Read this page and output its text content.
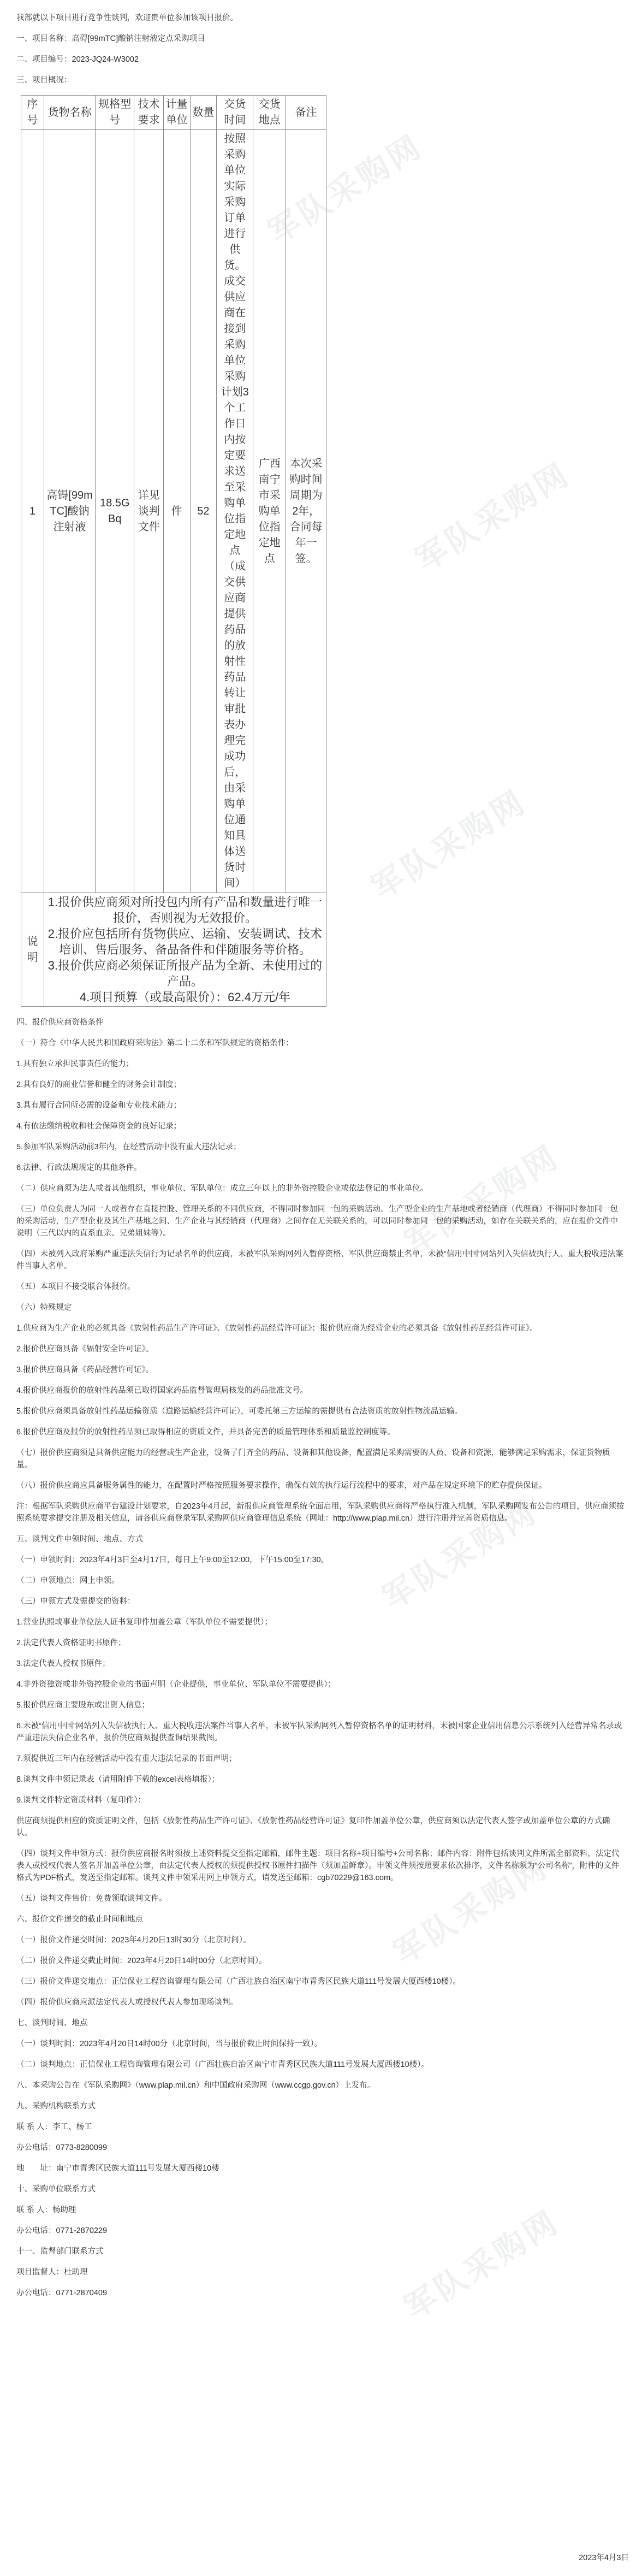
军队采购网
军队采购网
军队采购网
军队采购网
军队采购网
军队采购网
军队采购网

我部就以下项目进行竞争性谈判，欢迎贵单位参加该项目报价。

一、项目名称：高碍[99mTC]酸钠注射液定点采购项目

二、项目编号：2023-JQ24-W3002

三、项目概况：

序号	货物名称	规格型号	技术要求	计量单位	数量	交货时间	交货地点	备注
1	高锝[99mTC]酸钠注射液	18.5GBq	详见谈判文件	件	52	按照采购单位实际采购订单进行供货。成交供应商在接到采购单位采购计划3个工作日内按定要求送至采购单位指定地点（成交供应商提供药品的放射性药品转让审批表办理完成功后，由采购单位通知具体送货时间）	广西南宁市采购单位指定地点	本次采购时间周期为2年，合同每年一签。
说明	1.报价供应商须对所投包内所有产品和数量进行唯一报价，否则视为无效报价。
2.报价应包括所有货物供应、运输、安装调试、技术培训、售后服务、备品备件和伴随服务等价格。
3.报价供应商必须保证所报产品为全新、未使用过的产品。
4.项目预算（或最高限价）：62.4万元/年							

四、报价供应商资格条件

（一）符合《中华人民共和国政府采购法》第二十二条和军队规定的资格条件：

1.具有独立承担民事责任的能力；

2.具有良好的商业信誉和健全的财务会计制度；

3.具有履行合同所必需的设备和专业技术能力；

4.有依法缴纳税收和社会保障资金的良好记录；

5.参加军队采购活动前3年内，在经营活动中没有重大违法记录；

6.法律、行政法规规定的其他条件。

（二）供应商须为法人或者其他组织，事业单位、军队单位：成立三年以上的非外资控股企业或依法登记的事业单位。

（三）单位负责人为同一人或者存在直接控股、管理关系的不同供应商，不得同时参加同一包的采购活动。生产型企业的生产基地或者经销商（代理商）不得同时参加同一包的采购活动，生产型企业及其生产基地之间、生产企业与其经销商（代理商）之间存在无关联关系的，可以同时参加同一包的采购活动，如存在关联关系的，应在报价文件中说明（三代以内的直系血亲、兄弟姐妹等）。

（四）未被列入政府采购严重违法失信行为记录名单的供应商，未被军队采购网列入暂停资格、军队供应商禁止名单，未被“信用中国”网站列入失信被执行人、重大税收违法案件当事人名单。

（五）本项目不接受联合体报价。

（六）特殊规定

1.供应商为生产企业的必须具备《放射性药品生产许可证》、《放射性药品经营许可证》；报价供应商为经营企业的必须具备《放射性药品经营许可证》。

2.报价供应商具备《辐射安全许可证》。

3.报价供应商具备《药品经营许可证》。

4.报价供应商报价的放射性药品须已取得国家药品监督管理局核发的药品批准文号。

5.报价供应商须具备放射性药品运输资质（道路运输经营许可证），可委托第三方运输的需提供有合法资质的放射性物流品运输。

6.报价供应商及报价的放射性药品须已取得相应的资质文件，并具备完善的质量管理体系和质量监控制度等。

（七）报价供应商须是具备供应能力的经营或生产企业，设备了门齐全的药品、设备和其他设备，配置满足采购需要的人员、设备和资源，能够满足采购需求，保证货物质量。

（八）报价供应商应具备服务属性的能力，在配置时严格按照服务要求操作，确保有效的执行运行流程中的要求，对产品在规定环境下的贮存提供保证。

注：根据军队采购供应商平台建设计划要求，自2023年4月起，新报供应商管理系统全面启用，军队采购供应商将严格执行准入机制，军队采购网发布公告的项目，供应商须按照系统要求提交注册及相关信息，请各供应商登录军队采购网供应商管理信息系统（网址：http://www.plap.mil.cn）进行注册并完善资质信息。

五、谈判文件申领时间、地点、方式

（一）申领时间：2023年4月3日至4月17日，每日上午9:00至12:00，下午15:00至17:30。

（二）申领地点：网上申领。

（三）申领方式及需提交的资料：

1.营业执照或事业单位法人证书复印件加盖公章（军队单位不需要提供）；

2.法定代表人资格证明书原件；

3.法定代表人授权书原件；

4.非外资独资或非外资控股企业的书面声明（企业提供，事业单位、军队单位不需要提供）；

5.报价供应商主要股东或出资人信息；

6.未被“信用中国”网站列入失信被执行人、重大税收违法案件当事人名单，未被军队采购网列入暂停资格名单的证明材料，未被国家企业信用信息公示系统列入经营异常名录或严重违法失信企业名单，报价供应商须提供查询结果截图。

7.须提供近三年内在经营活动中没有重大违法记录的书面声明；

8.谈判文件申领记录表（请用附件下载的excel表格填报）；

9.谈判文件特定资质材料（复印件）：

供应商须提供相应的资质证明文件，包括《放射性药品生产许可证》、《放射性药品经营许可证》复印件加盖单位公章，供应商须以法定代表人签字或加盖单位公章的方式确认。

（四）谈判文件申领方式：报价供应商报名时须按上述资料提交至指定邮箱，邮件主题：项目名称+项目编号+公司名称；邮件内容：附件包括谈判文件所需全部资料，法定代表人或授权代表人签名并加盖单位公章，由法定代表人授权的须提供授权书原件扫描件（须加盖鲜章）。申领文件须按照要求依次排序，文件名称须为“公司名称”，附件的文件格式为PDF格式，发送至指定邮箱。谈判文件申领采用网上申领方式，请发送至邮箱：cgb70229@163.com。

（五）谈判文件售价：免费领取谈判文件。

六、报价文件递交的截止时间和地点

（一）报价文件递交时间：2023年4月20日13时30分（北京时间）。

（二）报价文件递交截止时间：2023年4月20日14时00分（北京时间）。

（三）报价文件递交地点：正信保业工程咨询管理有限公司（广西壮族自治区南宁市青秀区民族大道111号发展大厦西楼10楼）。

（四）报价供应商应派法定代表人或授权代表人参加现场谈判。

七、谈判时间、地点

（一）谈判时间：2023年4月20日14时00分（北京时间，当与报价截止时间保持一致）。

（二）谈判地点：正信保业工程咨询管理有限公司（广西壮族自治区南宁市青秀区民族大道111号发展大厦西楼10楼）。

八、本采购公告在《军队采购网》（www.plap.mil.cn）和中国政府采购网（www.ccgp.gov.cn）上发布。

九、采购机构联系方式

联 系 人：李工、杨工

办公电话：0773-8280099

地　　址：南宁市青秀区民族大道111号发展大厦西楼10楼

十、采购单位联系方式

联 系 人：杨助理

办公电话：0771-2870229

十一、监督部门联系方式

项目监督人：杜助理

办公电话：0771-2870409

2023年4月3日
